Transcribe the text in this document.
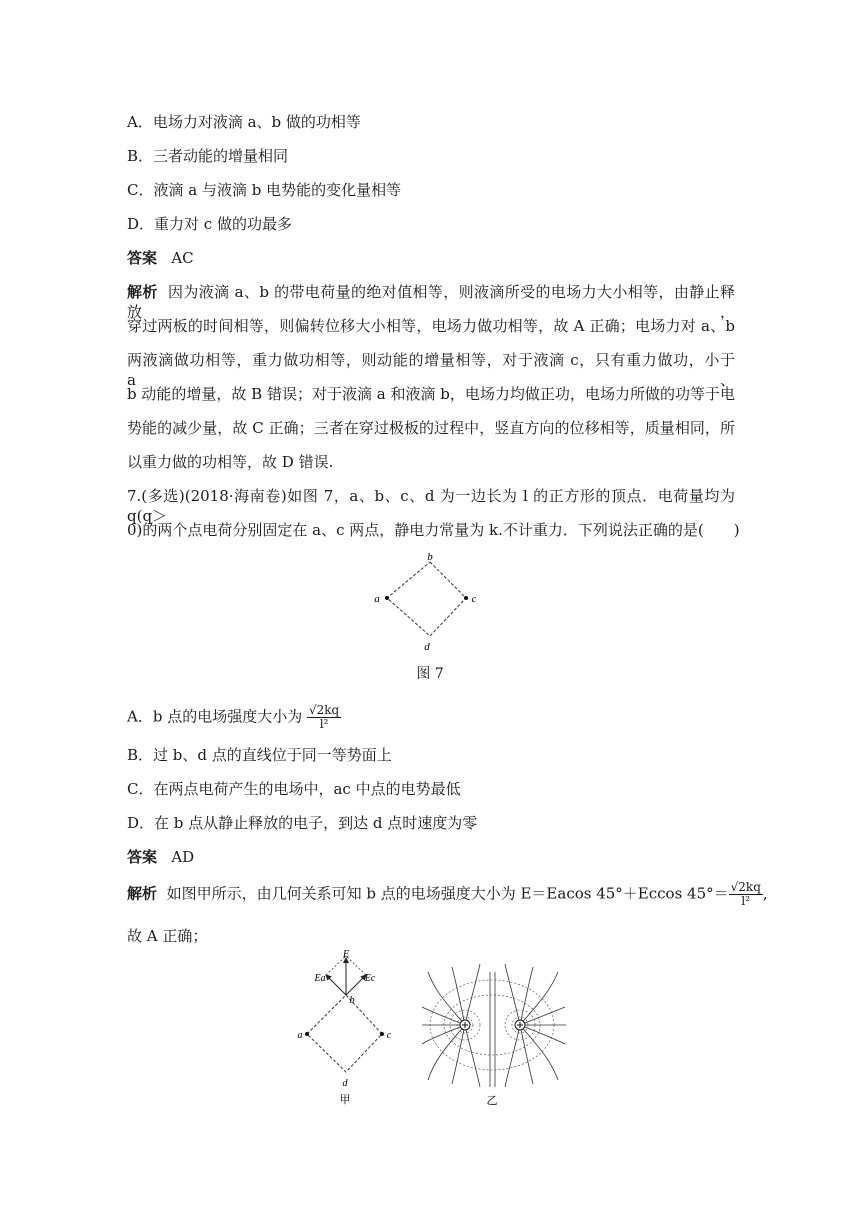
A．电场力对液滴 a、b 做的功相等
B．三者动能的增量相同
C．液滴 a 与液滴 b 电势能的变化量相等
D．重力对 c 做的功最多
答案 AC
解析 因为液滴 a、b 的带电荷量的绝对值相等，则液滴所受的电场力大小相等，由静止释放，
穿过两板的时间相等，则偏转位移大小相等，电场力做功相等，故 A 正确；电场力对 a、b
两液滴做功相等，重力做功相等，则动能的增量相等，对于液滴 c，只有重力做功，小于 a、
b 动能的增量，故 B 错误；对于液滴 a 和液滴 b，电场力均做正功，电场力所做的功等于电
势能的减少量，故 C 正确；三者在穿过极板的过程中，竖直方向的位移相等，质量相同，所
以重力做的功相等，故 D 错误.
7.(多选)(2018·海南卷)如图 7，a、b、c、d 为一边长为 l 的正方形的顶点．电荷量均为 q(q＞
0)的两个点电荷分别固定在 a、c 两点，静电力常量为 k.不计重力．下列说法正确的是(　　)
b
a	c
d
图 7
A．b 点的电场强度大小为 $\frac{√2kq}{\text{l²}}$
B．过 b、d 点的直线位于同一等势面上
C．在两点电荷产生的电场中，ac 中点的电势最低
D．在 b 点从静止释放的电子，到达 d 点时速度为零
答案 AD
解析 如图甲所示，由几何关系可知 b 点的电场强度大小为 E＝Eacos 45°＋Eccos $45^\circ= \frac{√2kq}{\text{l²}}$ ,
故 A 正确；
E
Ea	Ec
b
a	c
d
甲	乙
